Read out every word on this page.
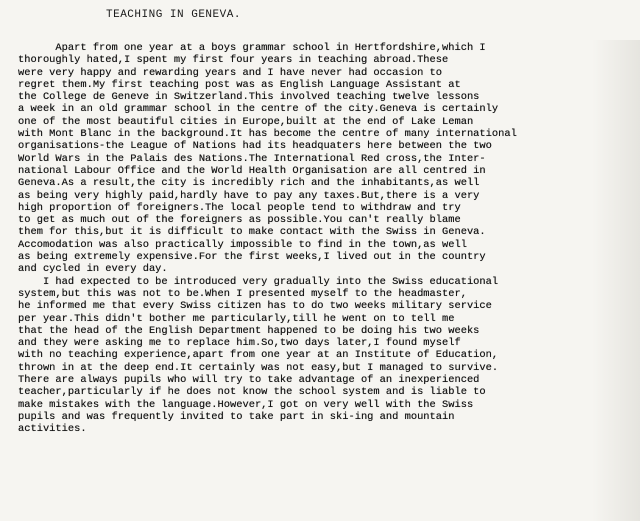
TEACHING IN GENEVA.
Apart from one year at a boys grammar school in Hertfordshire,which I
thoroughly hated,I spent my first four years in teaching abroad.These
were very happy and rewarding years and I have never had occasion to
regret them.My first teaching post was as English Language Assistant at
the College de Geneve in Switzerland.This involved teaching twelve lessons
a week in an old grammar school in the centre of the city.Geneva is certainly
one of the most beautiful cities in Europe,built at the end of Lake Leman
with Mont Blanc in the background.It has become the centre of many international
organisations-the League of Nations had its headquaters here between the two
World Wars in the Palais des Nations.The International Red cross,the Inter-
national Labour Office and the World Health Organisation are all centred in
Geneva.As a result,the city is incredibly rich and the inhabitants,as well
as being very highly paid,hardly have to pay any taxes.But,there is a very
high proportion of foreigners.The local people tend to withdraw and try
to get as much out of the foreigners as possible.You can't really blame
them for this,but it is difficult to make contact with the Swiss in Geneva.
Accomodation was also practically impossible to find in the town,as well
as being extremely expensive.For the first weeks,I lived out in the country
and cycled in every day.
I had expected to be introduced very gradually into the Swiss educational
system,but this was not to be.When I presented myself to the headmaster,
he informed me that every Swiss citizen has to do two weeks military service
per year.This didn't bother me particularly,till he went on to tell me
that the head of the English Department happened to be doing his two weeks
and they were asking me to replace him.So,two days later,I found myself
with no teaching experience,apart from one year at an Institute of Education,
thrown in at the deep end.It certainly was not easy,but I managed to survive.
There are always pupils who will try to take advantage of an inexperienced
teacher,particularly if he does not know the school system and is liable to
make mistakes with the language.However,I got on very well with the Swiss
pupils and was frequently invited to take part in ski-ing and mountain
activities.
